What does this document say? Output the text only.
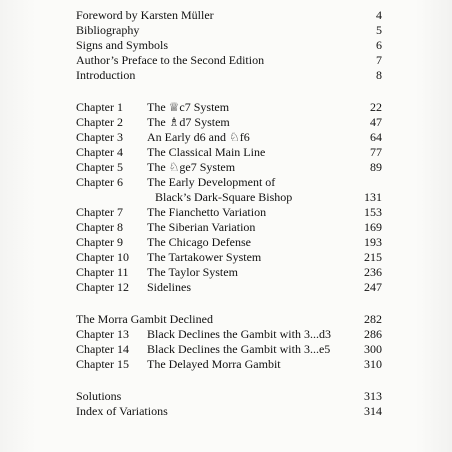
Foreword by Karsten Müller	4
Bibliography	5
Signs and Symbols	6
Author’s Preface to the Second Edition	7
Introduction	8
Chapter 1	The ♕c7 System	22
Chapter 2	The ♗d7 System	47
Chapter 3	An Early d6 and ♘f6	64
Chapter 4	The Classical Main Line	77
Chapter 5	The ♘ge7 System	89
Chapter 6	The Early Development of
Black’s Dark-Square Bishop	131
Chapter 7	The Fianchetto Variation	153
Chapter 8	The Siberian Variation	169
Chapter 9	The Chicago Defense	193
Chapter 10	The Tartakower System	215
Chapter 11	The Taylor System	236
Chapter 12	Sidelines	247
The Morra Gambit Declined	282
Chapter 13	Black Declines the Gambit with 3...d3	286
Chapter 14	Black Declines the Gambit with 3...e5	300
Chapter 15	The Delayed Morra Gambit	310
Solutions	313
Index of Variations	314
